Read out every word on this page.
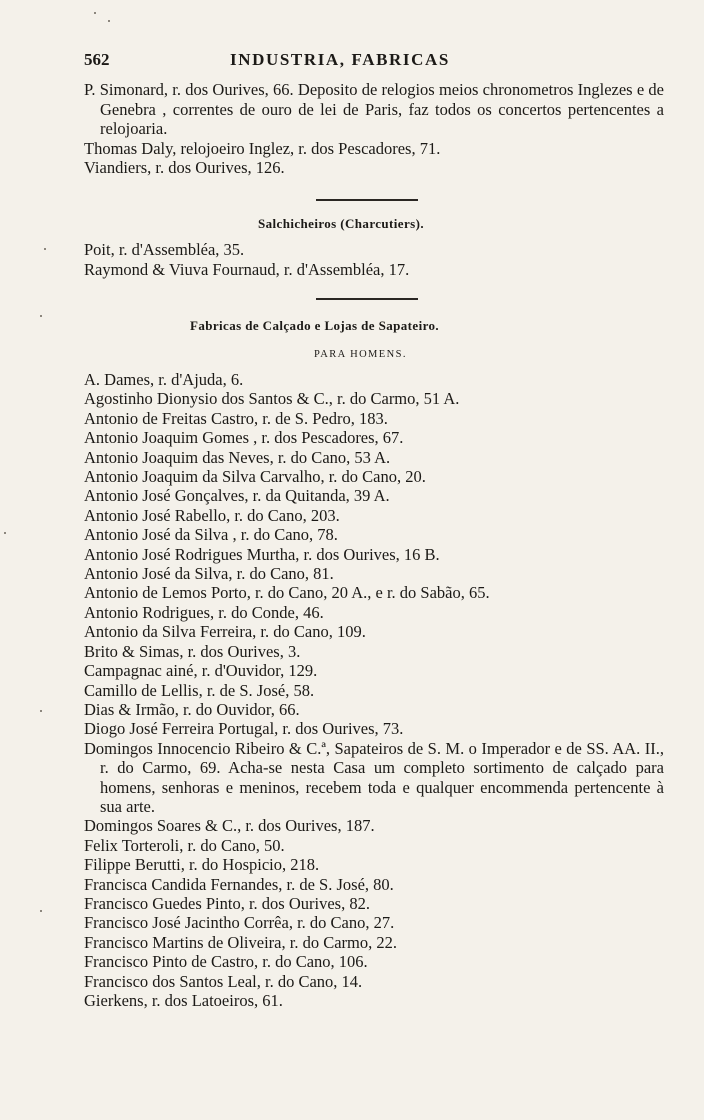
562	INDUSTRIA, FABRICAS
P. Simonard, r. dos Ourives, 66. Deposito de relogios meios chronometros Inglezes e de Genebra , correntes de ouro de lei de Paris, faz todos os concertos pertencentes a relojoaria.
Thomas Daly, relojoeiro Inglez, r. dos Pescadores, 71.
Viandiers, r. dos Ourives, 126.
Salchicheiros (Charcutiers).
Poit, r. d'Assembléa, 35.
Raymond & Viuva Fournaud, r. d'Assembléa, 17.
Fabricas de Calçado e Lojas de Sapateiro.
PARA HOMENS.
A. Dames, r. d'Ajuda, 6.
Agostinho Dionysio dos Santos & C., r. do Carmo, 51 A.
Antonio de Freitas Castro, r. de S. Pedro, 183.
Antonio Joaquim Gomes , r. dos Pescadores, 67.
Antonio Joaquim das Neves, r. do Cano, 53 A.
Antonio Joaquim da Silva Carvalho, r. do Cano, 20.
Antonio José Gonçalves, r. da Quitanda, 39 A.
Antonio José Rabello, r. do Cano, 203.
Antonio José da Silva , r. do Cano, 78.
Antonio José Rodrigues Murtha, r. dos Ourives, 16 B.
Antonio José da Silva, r. do Cano, 81.
Antonio de Lemos Porto, r. do Cano, 20 A., e r. do Sabão, 65.
Antonio Rodrigues, r. do Conde, 46.
Antonio da Silva Ferreira, r. do Cano, 109.
Brito & Simas, r. dos Ourives, 3.
Campagnac ainé, r. d'Ouvidor, 129.
Camillo de Lellis, r. de S. José, 58.
Dias & Irmão, r. do Ouvidor, 66.
Diogo José Ferreira Portugal, r. dos Ourives, 73.
Domingos Innocencio Ribeiro & C.ª, Sapateiros de S. M. o Imperador e de SS. AA. II., r. do Carmo, 69. Acha-se nesta Casa um completo sortimento de calçado para homens, senhoras e meninos, recebem toda e qualquer encommenda pertencente à sua arte.
Domingos Soares & C., r. dos Ourives, 187.
Felix Torteroli, r. do Cano, 50.
Filippe Berutti, r. do Hospicio, 218.
Francisca Candida Fernandes, r. de S. José, 80.
Francisco Guedes Pinto, r. dos Ourives, 82.
Francisco José Jacintho Corrêa, r. do Cano, 27.
Francisco Martins de Oliveira, r. do Carmo, 22.
Francisco Pinto de Castro, r. do Cano, 106.
Francisco dos Santos Leal, r. do Cano, 14.
Gierkens, r. dos Latoeiros, 61.
